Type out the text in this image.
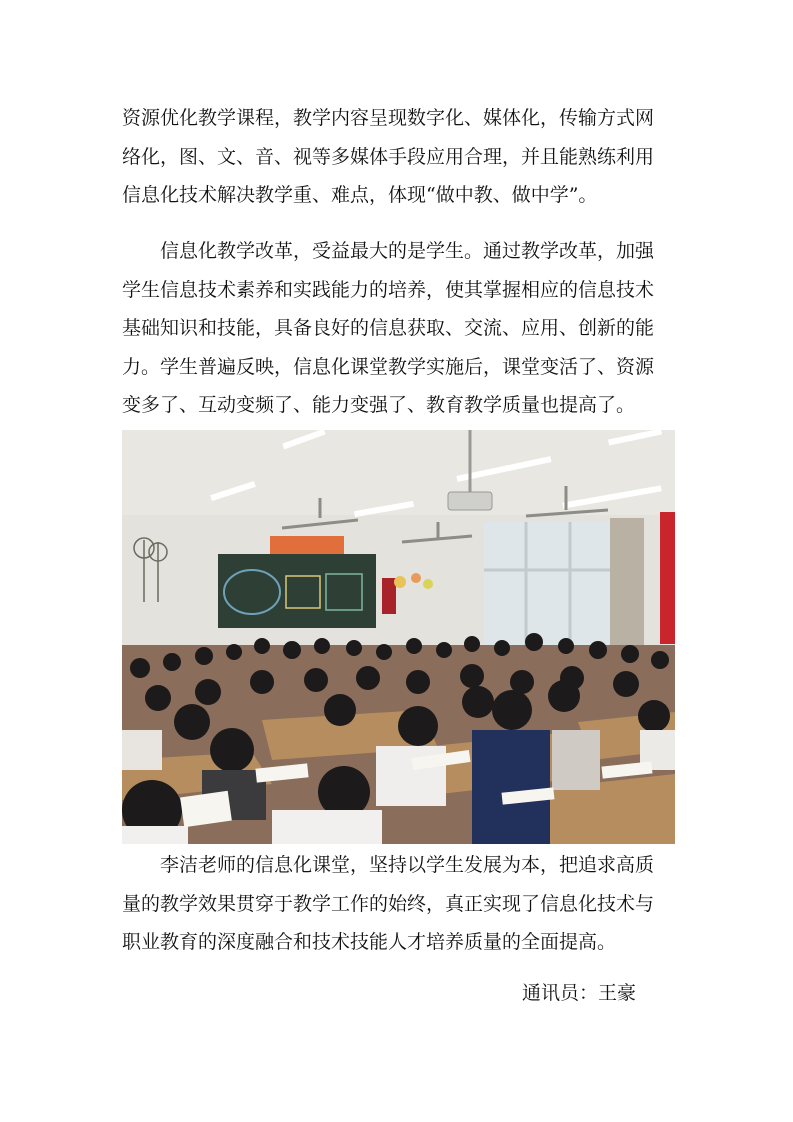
资源优化教学课程，教学内容呈现数字化、媒体化，传输方式网
络化，图、文、音、视等多媒体手段应用合理，并且能熟练利用
信息化技术解决教学重、难点，体现“做中教、做中学”。

信息化教学改革，受益最大的是学生。通过教学改革，加强
学生信息技术素养和实践能力的培养，使其掌握相应的信息技术
基础知识和技能，具备良好的信息获取、交流、应用、创新的能
力。学生普遍反映，信息化课堂教学实施后，课堂变活了、资源
变多了、互动变频了、能力变强了、教育教学质量也提高了。

李洁老师的信息化课堂，坚持以学生发展为本，把追求高质
量的教学效果贯穿于教学工作的始终，真正实现了信息化技术与
职业教育的深度融合和技术技能人才培养质量的全面提高。

通讯员：王豪
